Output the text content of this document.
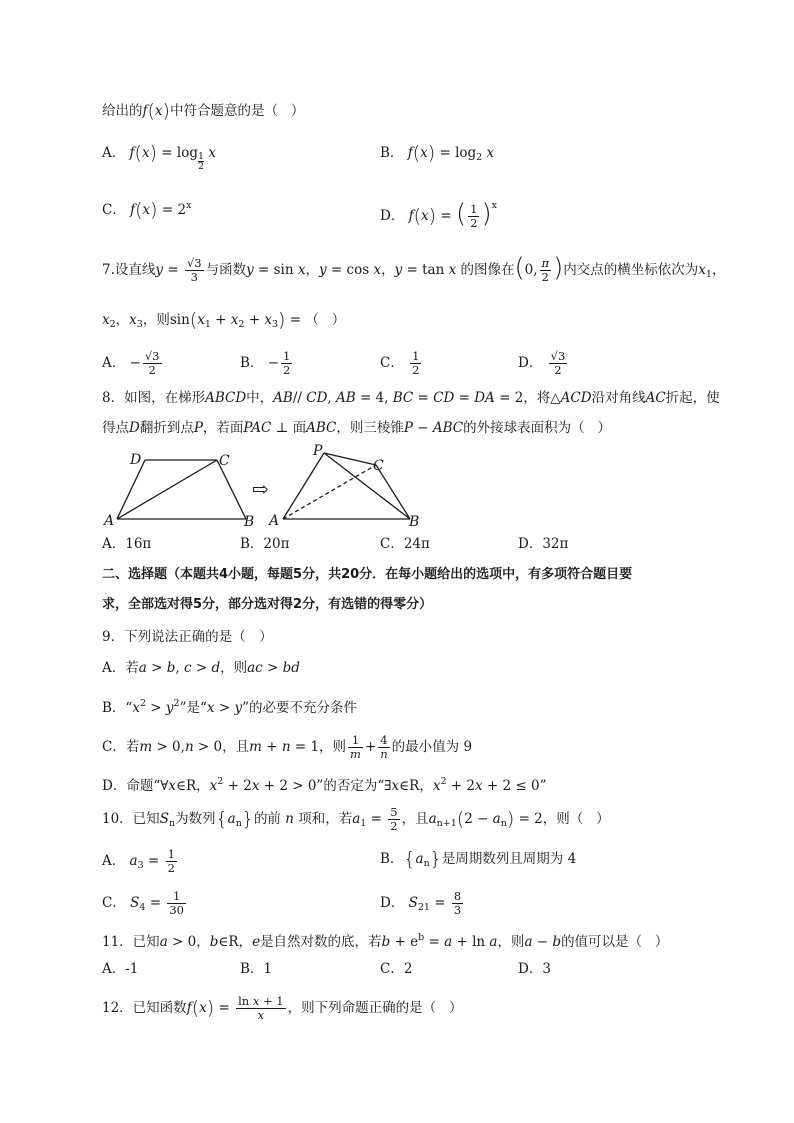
给出的f(x)中符合题意的是（   ）
A． $f(x) = \log \frac{1}{2}$ x	B． $f(x) = \log_2 x$
C． $f(x) = 2^x$
D． f(x) = ( $\frac{1}{2} )^x$
7.设直线$y = \frac{√3}{3}$ 与函数y = sin x，y = cos x，y = tan x 的图像在(0, $\frac{\pi}{2}$ )内交点的横坐标依次为$x_1$，
$x_2$，$x_3$，则$\sin(x_1 + x_2 + x_3)$ = （   ）
A． − $\frac{√3}{2}$	B． − $\frac{1}{2}$	C． $\frac{1}{2}$	D． $\frac{√3}{2}$
8．如图，在梯形ABCD中，AB// CD, AB = 4, BC = CD = DA = 2，将△ACD沿对角线AC折起，使
得点D翻折到点P，若面PAC ⊥ 面ABC，则三棱锥P − ABC的外接球表面积为（   ）
D	C
A	B
⇨
P
C
A	B
A．16π	B．20π	C．24π	D．32π
二、选择题（本题共4小题，每题5分，共20分．在每小题给出的选项中，有多项符合题目要
求，全部选对得5分，部分选对得2分，有选错的得零分）
9．下列说法正确的是（　）
A．若a > b, c > d，则ac > bd
B．“$x^2 > y^2$”是“x > y”的必要不充分条件
C．若m > 0,n > 0，且m + n = 1，则 $\frac{1}{m} + \frac{4}{n}$ 的最小值为 9
D．命题“∀x∈R，$x^2 + 2x + 2 > 0$”的否定为“∃x∈R，$x^2 + 2x + 2 \le 0$”
10．已知$S_n$为数列$\{a_n\}$的前 n 项和，若$a_1 = \frac{5}{2}$ ，且$a_{n+1}(2 - a_n) = 2$，则（   ）
A． $a_3 = \frac{1}{2}$	B．$\{a_n\}$是周期数列且周期为 4
C． $S_4 = \frac{1}{30}$	D． $S_{21} = \frac{8}{3}$
11．已知a > 0，b∈R，e是自然对数的底，若$b + e^b = a + \ln a$，则a − b的值可以是（   ）
A．-1	B．1	C．2	D．3
12．已知函数$f(x) = \frac{\text{ln x + 1}}{x}$ ，则下列命题正确的是（   ）
